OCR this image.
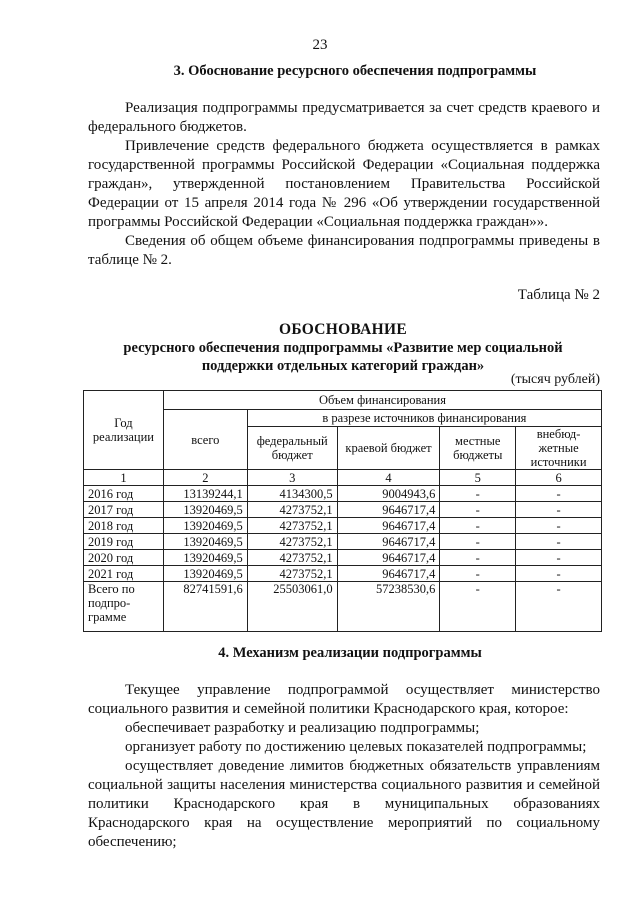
23
3. Обоснование ресурсного обеспечения подпрограммы

Реализация подпрограммы предусматривается за счет средств краевого и федерального бюджетов.

Привлечение средств федерального бюджета осуществляется в рамках государственной программы Российской Федерации «Социальная поддержка граждан», утвержденной постановлением Правительства Российской Федерации от 15 апреля 2014 года № 296 «Об утверждении государственной программы Российской Федерации «Социальная поддержка граждан»».

Сведения об общем объеме финансирования подпрограммы приведены в таблице № 2.

Таблица № 2
ОБОСНОВАНИЕ
ресурсного обеспечения подпрограммы «Развитие мер социальной
поддержки отдельных категорий граждан»
(тысяч рублей)
Год реализации	Объем финансирования				
	всего	в разрезе источников финансирования			
		федеральный бюджет	краевой бюджет	местные бюджеты	внебюд-жетные источники
1	2	3	4	5	6
2016 год	13139244,1	4134300,5	9004943,6	-	-
2017 год	13920469,5	4273752,1	9646717,4	-	-
2018 год	13920469,5	4273752,1	9646717,4	-	-
2019 год	13920469,5	4273752,1	9646717,4	-	-
2020 год	13920469,5	4273752,1	9646717,4	-	-
2021 год	13920469,5	4273752,1	9646717,4	-	-
Всего по подпро-грамме	82741591,6	25503061,0	57238530,6	-	-
4. Механизм реализации подпрограммы

Текущее управление подпрограммой осуществляет министерство социального развития и семейной политики Краснодарского края, которое:

обеспечивает разработку и реализацию подпрограммы;

организует работу по достижению целевых показателей подпрограммы;

осуществляет доведение лимитов бюджетных обязательств управлениям социальной защиты населения министерства социального развития и семейной политики Краснодарского края в муниципальных образованиях Краснодарского края на осуществление мероприятий по социальному обеспечению;
